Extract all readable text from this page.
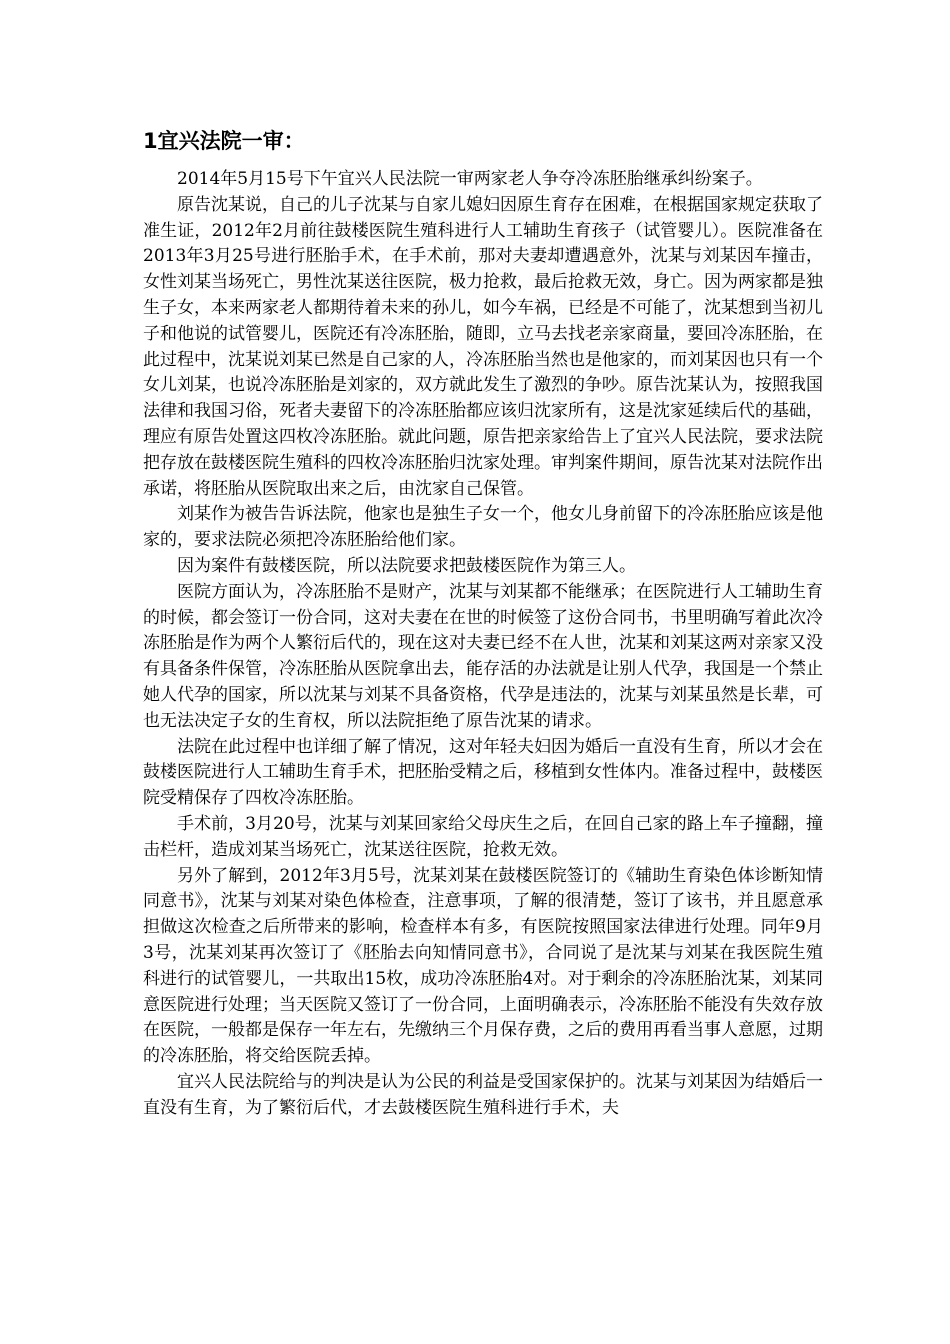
1宜兴法院一审：

2014年5月15号下午宜兴人民法院一审两家老人争夺冷冻胚胎继承纠纷案子。

原告沈某说，自己的儿子沈某与自家儿媳妇因原生育存在困难，在根据国家规定获取了准生证，2012年2月前往鼓楼医院生殖科进行人工辅助生育孩子（试管婴儿）。医院准备在2013年3月25号进行胚胎手术，在手术前，那对夫妻却遭遇意外，沈某与刘某因车撞击，女性刘某当场死亡，男性沈某送往医院，极力抢救，最后抢救无效，身亡。因为两家都是独生子女，本来两家老人都期待着未来的孙儿，如今车祸，已经是不可能了，沈某想到当初儿子和他说的试管婴儿，医院还有冷冻胚胎，随即，立马去找老亲家商量，要回冷冻胚胎，在此过程中，沈某说刘某已然是自己家的人，冷冻胚胎当然也是他家的，而刘某因也只有一个女儿刘某，也说冷冻胚胎是刘家的，双方就此发生了激烈的争吵。原告沈某认为，按照我国法律和我国习俗，死者夫妻留下的冷冻胚胎都应该归沈家所有，这是沈家延续后代的基础，理应有原告处置这四枚冷冻胚胎。就此问题，原告把亲家给告上了宜兴人民法院，要求法院把存放在鼓楼医院生殖科的四枚冷冻胚胎归沈家处理。审判案件期间，原告沈某对法院作出承诺，将胚胎从医院取出来之后，由沈家自己保管。

刘某作为被告告诉法院，他家也是独生子女一个，他女儿身前留下的冷冻胚胎应该是他家的，要求法院必须把冷冻胚胎给他们家。

因为案件有鼓楼医院，所以法院要求把鼓楼医院作为第三人。

医院方面认为，冷冻胚胎不是财产，沈某与刘某都不能继承；在医院进行人工辅助生育的时候，都会签订一份合同，这对夫妻在在世的时候签了这份合同书，书里明确写着此次冷冻胚胎是作为两个人繁衍后代的，现在这对夫妻已经不在人世，沈某和刘某这两对亲家又没有具备条件保管，冷冻胚胎从医院拿出去，能存活的办法就是让别人代孕，我国是一个禁止她人代孕的国家，所以沈某与刘某不具备资格，代孕是违法的，沈某与刘某虽然是长辈，可也无法决定子女的生育权，所以法院拒绝了原告沈某的请求。

法院在此过程中也详细了解了情况，这对年轻夫妇因为婚后一直没有生育，所以才会在鼓楼医院进行人工辅助生育手术，把胚胎受精之后，移植到女性体内。准备过程中，鼓楼医院受精保存了四枚冷冻胚胎。

手术前，3月20号，沈某与刘某回家给父母庆生之后，在回自己家的路上车子撞翻，撞击栏杆，造成刘某当场死亡，沈某送往医院，抢救无效。

另外了解到，2012年3月5号，沈某刘某在鼓楼医院签订的《辅助生育染色体诊断知情同意书》，沈某与刘某对染色体检查，注意事项，了解的很清楚，签订了该书，并且愿意承担做这次检查之后所带来的影响，检查样本有多，有医院按照国家法律进行处理。同年9月3号，沈某刘某再次签订了《胚胎去向知情同意书》，合同说了是沈某与刘某在我医院生殖科进行的试管婴儿，一共取出15枚，成功冷冻胚胎4对。对于剩余的冷冻胚胎沈某，刘某同意医院进行处理；当天医院又签订了一份合同，上面明确表示，冷冻胚胎不能没有失效存放在医院，一般都是保存一年左右，先缴纳三个月保存费，之后的费用再看当事人意愿，过期的冷冻胚胎，将交给医院丢掉。

宜兴人民法院给与的判决是认为公民的利益是受国家保护的。沈某与刘某因为结婚后一直没有生育，为了繁衍后代，才去鼓楼医院生殖科进行手术，夫
